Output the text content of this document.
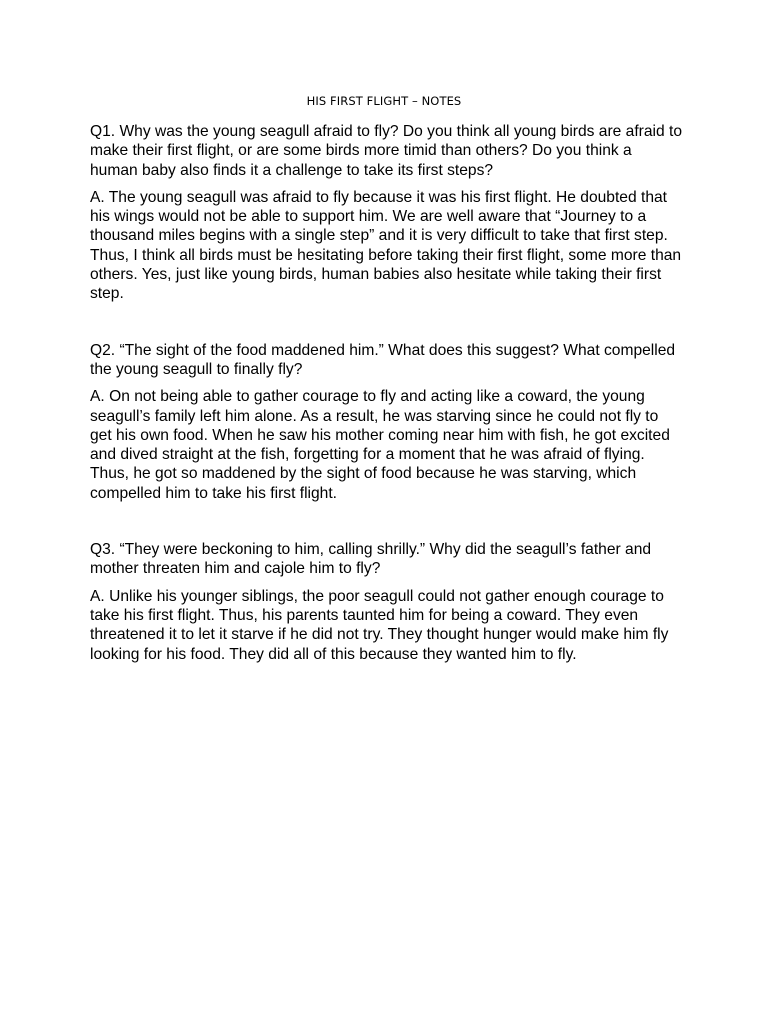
HIS FIRST FLIGHT – NOTES

Q1. Why was the young seagull afraid to fly? Do you think all young birds are afraid to make their first flight, or are some birds more timid than others? Do you think a human baby also finds it a challenge to take its first steps?

A. The young seagull was afraid to fly because it was his first flight. He doubted that his wings would not be able to support him. We are well aware that “Journey to a thousand miles begins with a single step” and it is very difficult to take that first step. Thus, I think all birds must be hesitating before taking their first flight, some more than others. Yes, just like young birds, human babies also hesitate while taking their first step.

Q2. “The sight of the food maddened him.” What does this suggest? What compelled the young seagull to finally fly?

A. On not being able to gather courage to fly and acting like a coward, the young seagull’s family left him alone. As a result, he was starving since he could not fly to get his own food. When he saw his mother coming near him with fish, he got excited and dived straight at the fish, forgetting for a moment that he was afraid of flying. Thus, he got so maddened by the sight of food because he was starving, which compelled him to take his first flight.

Q3. “They were beckoning to him, calling shrilly.” Why did the seagull’s father and mother threaten him and cajole him to fly?

A. Unlike his younger siblings, the poor seagull could not gather enough courage to take his first flight. Thus, his parents taunted him for being a coward. They even threatened it to let it starve if he did not try. They thought hunger would make him fly looking for his food. They did all of this because they wanted him to fly.
